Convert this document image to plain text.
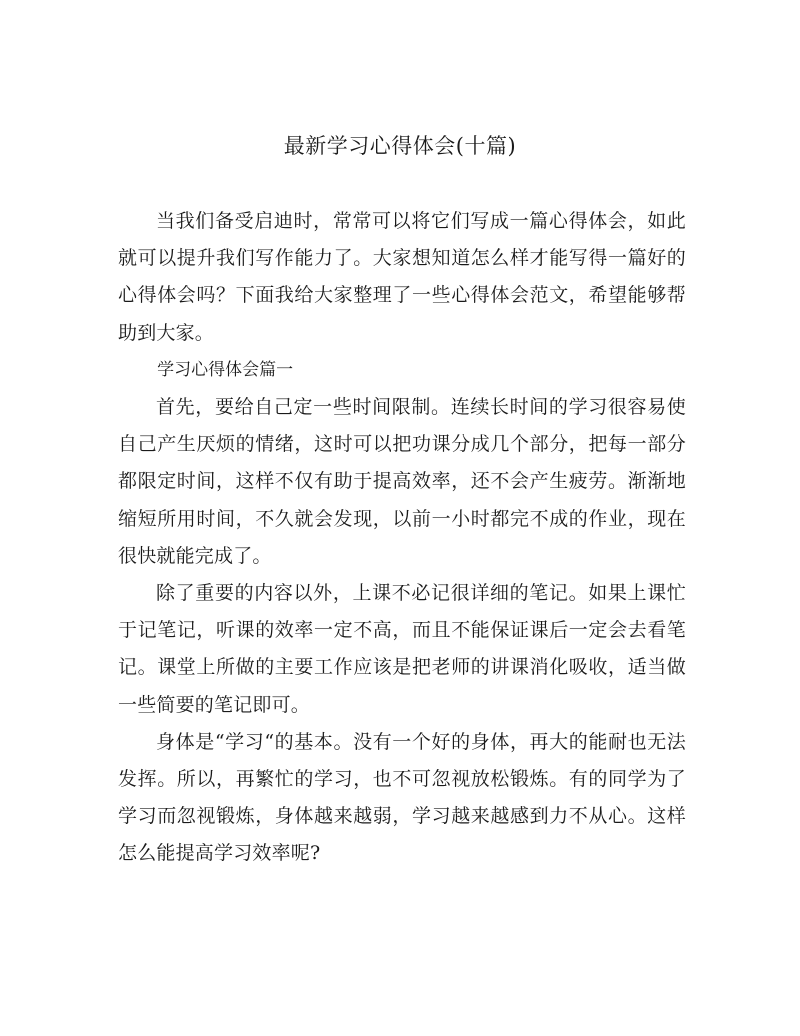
最新学习心得体会(十篇)

当我们备受启迪时，常常可以将它们写成一篇心得体会，如此就可以提升我们写作能力了。大家想知道怎么样才能写得一篇好的心得体会吗？下面我给大家整理了一些心得体会范文，希望能够帮助到大家。

学习心得体会篇一

首先，要给自己定一些时间限制。连续长时间的学习很容易使自己产生厌烦的情绪，这时可以把功课分成几个部分，把每一部分都限定时间，这样不仅有助于提高效率，还不会产生疲劳。渐渐地缩短所用时间，不久就会发现，以前一小时都完不成的作业，现在很快就能完成了。

除了重要的内容以外，上课不必记很详细的笔记。如果上课忙于记笔记，听课的效率一定不高，而且不能保证课后一定会去看笔记。课堂上所做的主要工作应该是把老师的讲课消化吸收，适当做一些简要的笔记即可。

身体是“学习“的基本。没有一个好的身体，再大的能耐也无法发挥。所以，再繁忙的学习，也不可忽视放松锻炼。有的同学为了学习而忽视锻炼，身体越来越弱，学习越来越感到力不从心。这样怎么能提高学习效率呢?
